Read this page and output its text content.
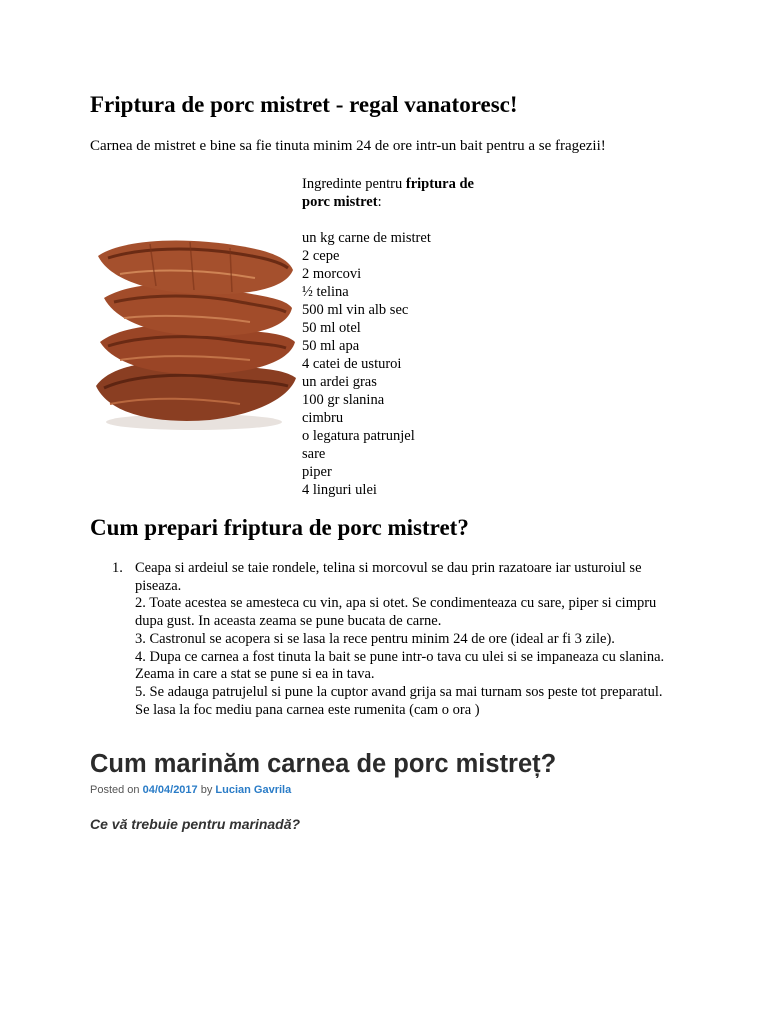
Friptura de porc mistret - regal vanatoresc!

Carnea de mistret e bine sa fie tinuta minim 24 de ore intr-un bait pentru a se fragezii!

Ingredinte pentru friptura de porc mistret:

un kg carne de mistret
2 cepe
2 morcovi
½ telina
500 ml vin alb sec
50 ml otel
50 ml apa
4 catei de usturoi
un ardei gras
100 gr slanina
cimbru
o legatura patrunjel
sare
piper
4 linguri ulei
Cum prepari friptura de porc mistret?
1. Ceapa si ardeiul se taie rondele, telina si morcovul se dau prin razatoare iar usturoiul se piseaza.

2. Toate acestea se amesteca cu vin, apa si otet. Se condimenteaza cu sare, piper si cimpru dupa gust. In aceasta zeama se pune bucata de carne.

3. Castronul se acopera si se lasa la rece pentru minim 24 de ore (ideal ar fi 3 zile).

4. Dupa ce carnea a fost tinuta la bait se pune intr-o tava cu ulei si se impaneaza cu slanina. Zeama in care a stat se pune si ea in tava.

5. Se adauga patrujelul si pune la cuptor avand grija sa mai turnam sos peste tot preparatul. Se lasa la foc mediu pana carnea este rumenita (cam o ora )

Cum marinăm carnea de porc mistreț?
Posted on 04/04/2017 by Lucian Gavrila

Ce vă trebuie pentru marinadă?
